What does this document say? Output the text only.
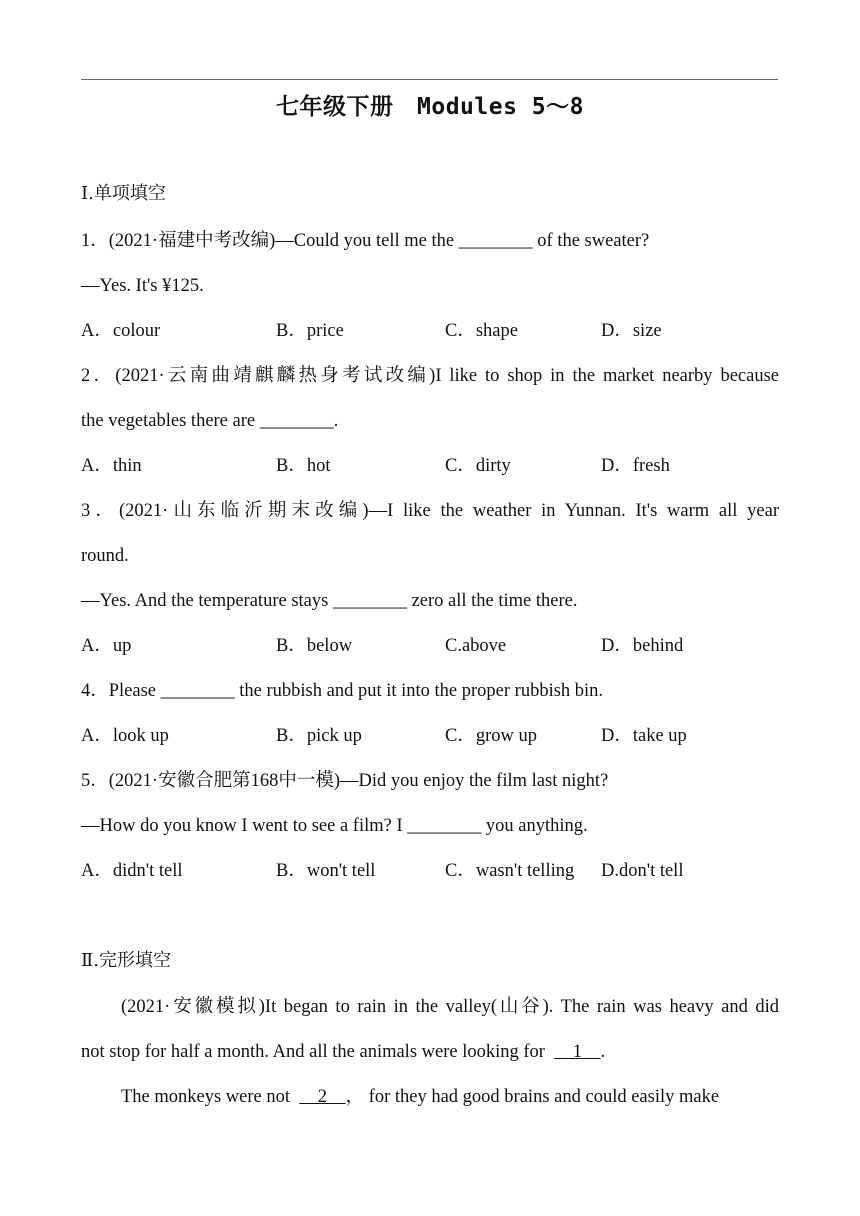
七年级下册　Modules 5～8
Ⅰ.单项填空
1．(2021·福建中考改编)—Could you tell me the ________ of the sweater?
—Yes. It's ¥125.
A．colour	B．price	C．shape	D．size
2．(2021·云南曲靖麒麟热身考试改编)I like to shop in the market nearby because
the vegetables there are ________.
A．thin	B．hot	C．dirty	D．fresh
3．(2021·山东临沂期末改编)—I like the weather in Yunnan. It's warm all year
round.
—Yes. And the temperature stays ________ zero all the time there.
A．up	B．below	C.above	D．behind
4．Please ________ the rubbish and put it into the proper rubbish bin.
A．look up	B．pick up	C．grow up	D．take up
5．(2021·安徽合肥第168中一模)—Did you enjoy the film last night?
—How do you know I went to see a film? I ________ you anything.
A．didn't tell	B．won't tell	C．wasn't telling D.don't tell
Ⅱ.完形填空
(2021·安徽模拟)It began to rain in the valley(山谷). The rain was heavy and did
not stop for half a month. And all the animals were looking for  　1　.
The monkeys were not  　2　， for they had good brains and could easily make
